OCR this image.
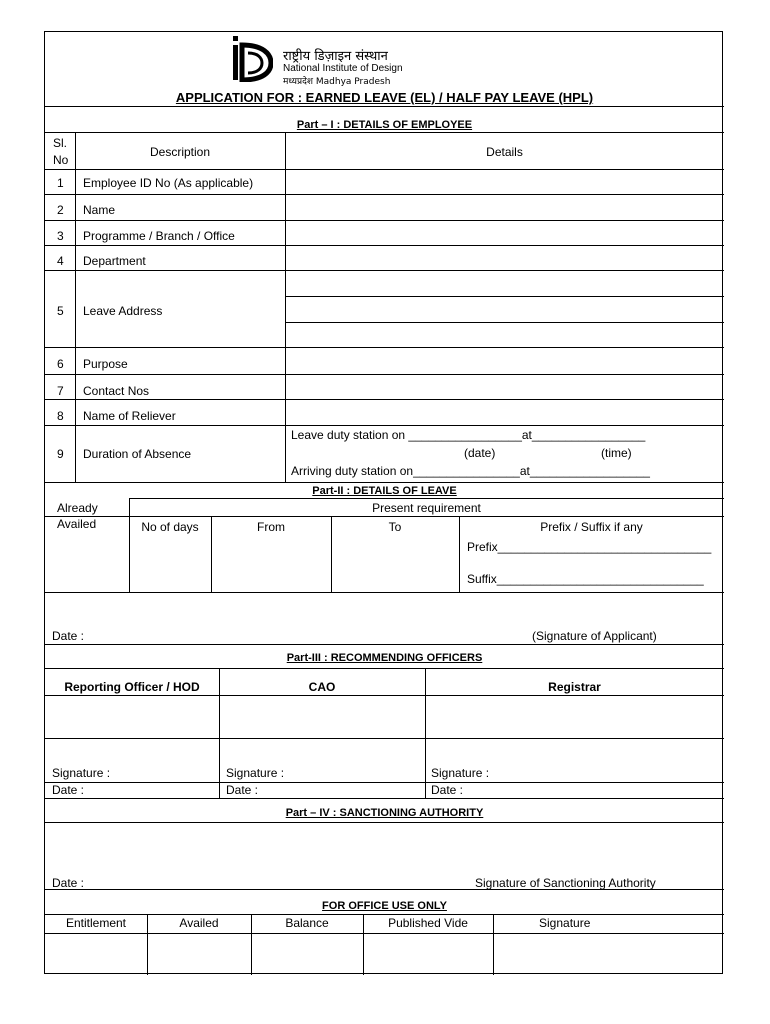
राष्ट्रीय डिज़ाइन संस्थान
National Institute of Design
मध्यप्रदेश Madhya Pradesh
APPLICATION FOR : EARNED LEAVE (EL) / HALF PAY LEAVE (HPL)
Part – I : DETAILS OF EMPLOYEE
Sl.
No
Description	Details
1 Employee ID No (As applicable)
2 Name
3 Programme / Branch / Office
4 Department
5 Leave Address
6 Purpose
7 Contact Nos
8 Name of Reliever
9 Duration of Absence
Leave duty station on _________________at_________________
(date)	(time)
Arriving duty station on________________at__________________
Part-II : DETAILS OF LEAVE
Already
Availed
Present requirement
No of days	From	To	Prefix / Suffix if any
Prefix________________________________
Suffix_______________________________
Date :	(Signature of Applicant)
Part-III : RECOMMENDING OFFICERS
Reporting Officer / HOD	CAO	Registrar
Signature :	Signature :	Signature :
Date :	Date :	Date :
Part – IV : SANCTIONING AUTHORITY
Date :	Signature of Sanctioning Authority
FOR OFFICE USE ONLY
Entitlement	Availed	Balance	Published Vide	Signature
